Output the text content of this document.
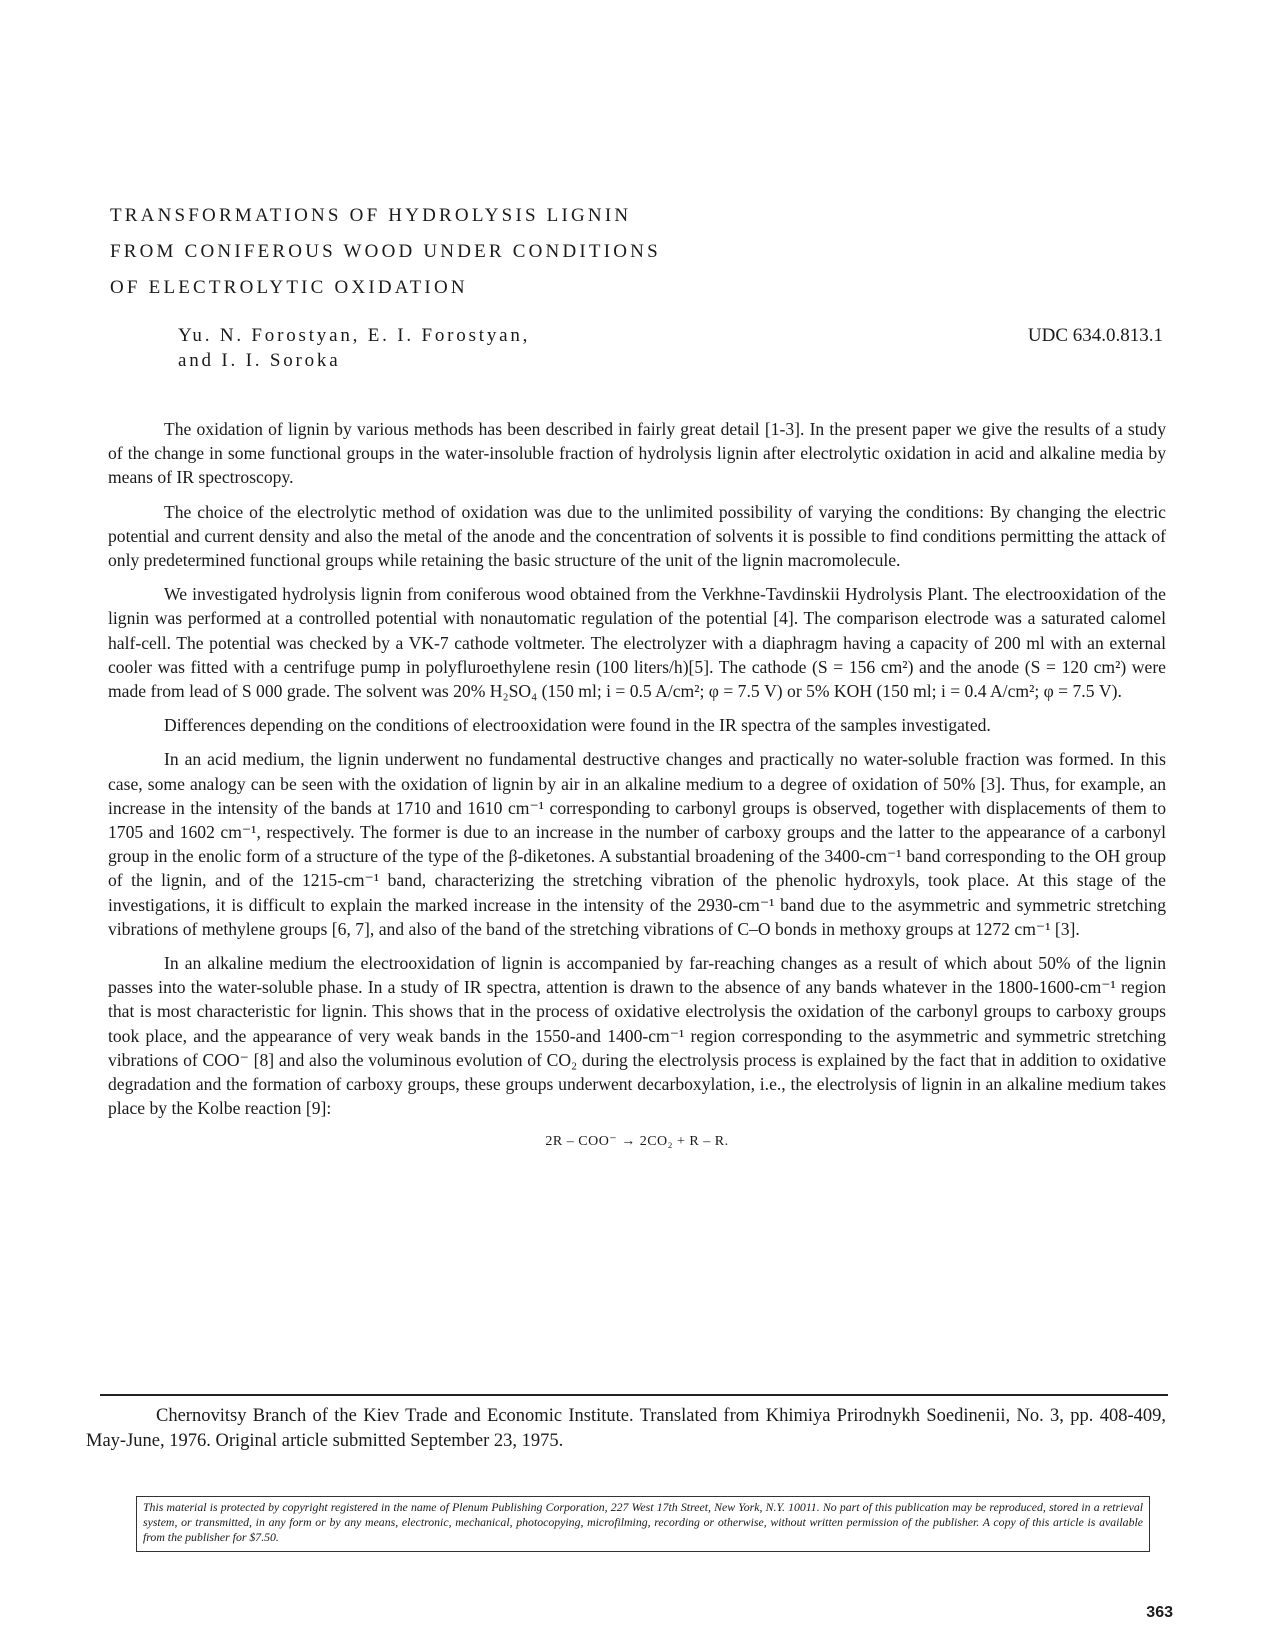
TRANSFORMATIONS OF HYDROLYSIS LIGNIN
FROM CONIFEROUS WOOD UNDER CONDITIONS
OF ELECTROLYTIC OXIDATION
Yu. N. Forostyan, E. I. Forostyan,
and I. I. Soroka
UDC 634.0.813.1

The oxidation of lignin by various methods has been described in fairly great detail [1-3]. In the present paper we give the results of a study of the change in some functional groups in the water-insoluble fraction of hydrolysis lignin after electrolytic oxidation in acid and alkaline media by means of IR spectroscopy.

The choice of the electrolytic method of oxidation was due to the unlimited possibility of varying the conditions: By changing the electric potential and current density and also the metal of the anode and the concentration of solvents it is possible to find conditions permitting the attack of only predetermined functional groups while retaining the basic structure of the unit of the lignin macromolecule.

We investigated hydrolysis lignin from coniferous wood obtained from the Verkhne-Tavdinskii Hydrolysis Plant. The electrooxidation of the lignin was performed at a controlled potential with nonautomatic regulation of the potential [4]. The comparison electrode was a saturated calomel half-cell. The potential was checked by a VK-7 cathode voltmeter. The electrolyzer with a diaphragm having a capacity of 200 ml with an external cooler was fitted with a centrifuge pump in polyfluroethylene resin (100 liters/h)[5]. The cathode (S = 156 cm²) and the anode (S = 120 cm²) were made from lead of S 000 grade. The solvent was 20% H₂SO₄ (150 ml; i = 0.5 A/cm²; φ = 7.5 V) or 5% KOH (150 ml; i = 0.4 A/cm²; φ = 7.5 V).

Differences depending on the conditions of electrooxidation were found in the IR spectra of the samples investigated.

In an acid medium, the lignin underwent no fundamental destructive changes and practically no water-soluble fraction was formed. In this case, some analogy can be seen with the oxidation of lignin by air in an alkaline medium to a degree of oxidation of 50% [3]. Thus, for example, an increase in the intensity of the bands at 1710 and 1610 cm⁻¹ corresponding to carbonyl groups is observed, together with displacements of them to 1705 and 1602 cm⁻¹, respectively. The former is due to an increase in the number of carboxy groups and the latter to the appearance of a carbonyl group in the enolic form of a structure of the type of the β-diketones. A substantial broadening of the 3400-cm⁻¹ band corresponding to the OH group of the lignin, and of the 1215-cm⁻¹ band, characterizing the stretching vibration of the phenolic hydroxyls, took place. At this stage of the investigations, it is difficult to explain the marked increase in the intensity of the 2930-cm⁻¹ band due to the asymmetric and symmetric stretching vibrations of methylene groups [6, 7], and also of the band of the stretching vibrations of C–O bonds in methoxy groups at 1272 cm⁻¹ [3].

In an alkaline medium the electrooxidation of lignin is accompanied by far-reaching changes as a result of which about 50% of the lignin passes into the water-soluble phase. In a study of IR spectra, attention is drawn to the absence of any bands whatever in the 1800-1600-cm⁻¹ region that is most characteristic for lignin. This shows that in the process of oxidative electrolysis the oxidation of the carbonyl groups to carboxy groups took place, and the appearance of very weak bands in the 1550-and 1400-cm⁻¹ region corresponding to the asymmetric and symmetric stretching vibrations of COO⁻ [8] and also the voluminous evolution of CO₂ during the electrolysis process is explained by the fact that in addition to oxidative degradation and the formation of carboxy groups, these groups underwent decarboxylation, i.e., the electrolysis of lignin in an alkaline medium takes place by the Kolbe reaction [9]:

2R – COO⁻ → 2CO₂ + R – R.

Chernovitsy Branch of the Kiev Trade and Economic Institute. Translated from Khimiya Prirodnykh Soedinenii, No. 3, pp. 408-409, May-June, 1976. Original article submitted September 23, 1975.

This material is protected by copyright registered in the name of Plenum Publishing Corporation, 227 West 17th Street, New York, N.Y. 10011. No part of this publication may be reproduced, stored in a retrieval system, or transmitted, in any form or by any means, electronic, mechanical, photocopying, microfilming, recording or otherwise, without written permission of the publisher. A copy of this article is available from the publisher for $7.50.
363
